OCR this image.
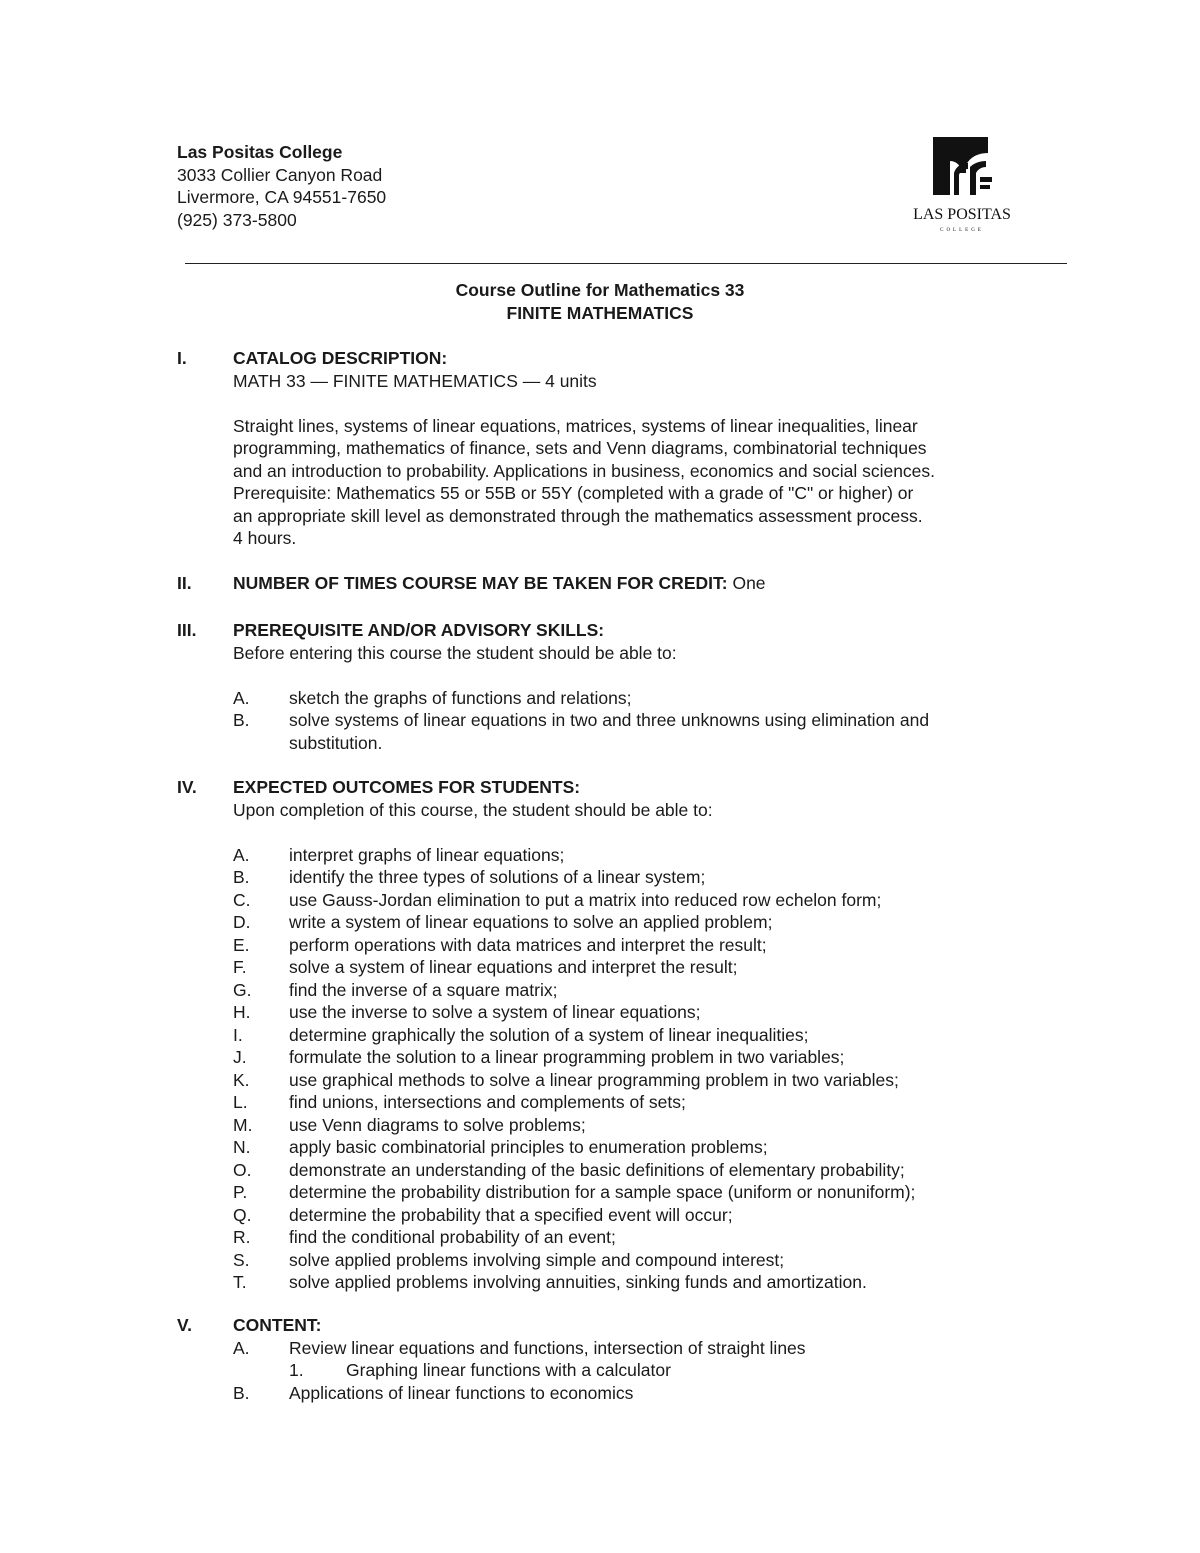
Las Positas College
3033 Collier Canyon Road
Livermore, CA 94551-7650
(925) 373-5800	LAS POSITAS
COLLEGE
Course Outline for Mathematics 33
FINITE MATHEMATICS
I.	CATALOG DESCRIPTION:
MATH 33 — FINITE MATHEMATICS — 4 units
Straight lines, systems of linear equations, matrices, systems of linear inequalities, linear
programming, mathematics of finance, sets and Venn diagrams, combinatorial techniques
and an introduction to probability. Applications in business, economics and social sciences.
Prerequisite: Mathematics 55 or 55B or 55Y (completed with a grade of "C" or higher) or
an appropriate skill level as demonstrated through the mathematics assessment process.
4 hours.
II. NUMBER OF TIMES COURSE MAY BE TAKEN FOR CREDIT: One
III. PREREQUISITE AND/OR ADVISORY SKILLS:
Before entering this course the student should be able to:
A. sketch the graphs of functions and relations;
B. solve systems of linear equations in two and three unknowns using elimination and
substitution.
IV. EXPECTED OUTCOMES FOR STUDENTS:
Upon completion of this course, the student should be able to:
A. interpret graphs of linear equations;
B. identify the three types of solutions of a linear system;
C. use Gauss-Jordan elimination to put a matrix into reduced row echelon form;
D. write a system of linear equations to solve an applied problem;
E. perform operations with data matrices and interpret the result;
F. solve a system of linear equations and interpret the result;
G. find the inverse of a square matrix;
H. use the inverse to solve a system of linear equations;
I.	determine graphically the solution of a system of linear inequalities;
J. formulate the solution to a linear programming problem in two variables;
K. use graphical methods to solve a linear programming problem in two variables;
L. find unions, intersections and complements of sets;
M. use Venn diagrams to solve problems;
N. apply basic combinatorial principles to enumeration problems;
O. demonstrate an understanding of the basic definitions of elementary probability;
P. determine the probability distribution for a sample space (uniform or nonuniform);
Q. determine the probability that a specified event will occur;
R. find the conditional probability of an event;
S. solve applied problems involving simple and compound interest;
T. solve applied problems involving annuities, sinking funds and amortization.
V. CONTENT:
A. Review linear equations and functions, intersection of straight lines
1. Graphing linear functions with a calculator
B. Applications of linear functions to economics
